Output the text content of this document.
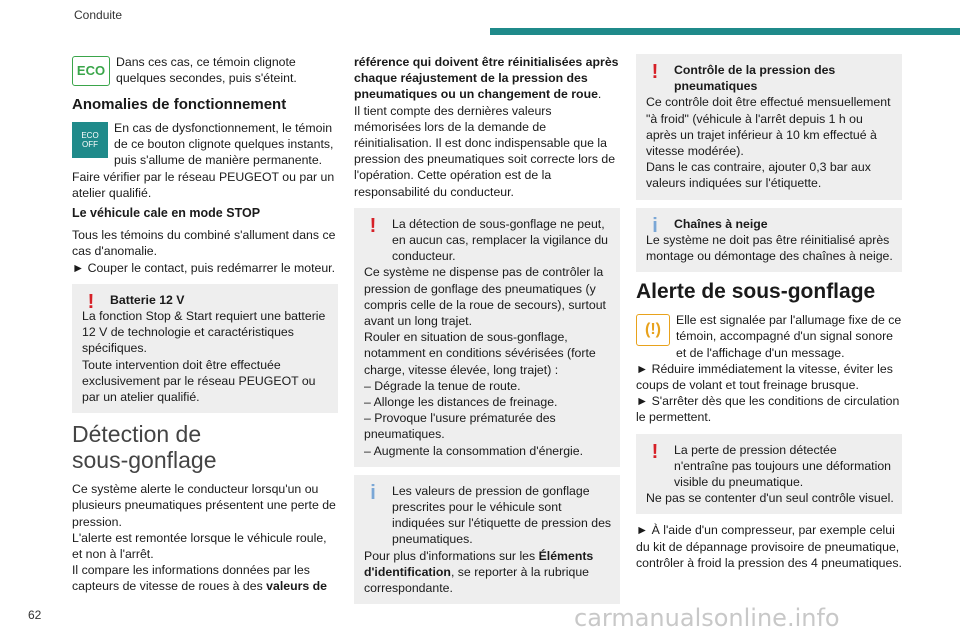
Conduite
ECO

Dans ces cas, ce témoin clignote quelques secondes, puis s'éteint.

Anomalies de fonctionnement
ECO
OFF

En cas de dysfonctionnement, le témoin de ce bouton clignote quelques instants, puis s'allume de manière permanente.

Faire vérifier par le réseau PEUGEOT ou par un atelier qualifié.

Le véhicule cale en mode STOP

Tous les témoins du combiné s'allument dans ce cas d'anomalie.

► Couper le contact, puis redémarrer le moteur.

!	Batterie 12 V

La fonction Stop & Start requiert une batterie 12 V de technologie et caractéristiques spécifiques.

Toute intervention doit être effectuée exclusivement par le réseau PEUGEOT ou par un atelier qualifié.

Détection de
sous-gonflage

Ce système alerte le conducteur lorsqu'un ou plusieurs pneumatiques présentent une perte de pression.

L'alerte est remontée lorsque le véhicule roule, et non à l'arrêt.

Il compare les informations données par les capteurs de vitesse de roues à des valeurs de

référence qui doivent être réinitialisées après chaque réajustement de la pression des pneumatiques ou un changement de roue.

Il tient compte des dernières valeurs mémorisées lors de la demande de réinitialisation. Il est donc indispensable que la pression des pneumatiques soit correcte lors de l'opération. Cette opération est de la responsabilité du conducteur.

!	La détection de sous-gonflage ne peut, en aucun cas, remplacer la vigilance du conducteur.

Ce système ne dispense pas de contrôler la pression de gonflage des pneumatiques (y compris celle de la roue de secours), surtout avant un long trajet.

Rouler en situation de sous-gonflage, notamment en conditions sévérisées (forte charge, vitesse élevée, long trajet) :

– Dégrade la tenue de route.

– Allonge les distances de freinage.

– Provoque l'usure prématurée des pneumatiques.

– Augmente la consommation d'énergie.

i	Les valeurs de pression de gonflage prescrites pour le véhicule sont indiquées sur l'étiquette de pression des pneumatiques.

Pour plus d'informations sur les Éléments d'identification, se reporter à la rubrique correspondante.

!	Contrôle de la pression des pneumatiques

Ce contrôle doit être effectué mensuellement "à froid" (véhicule à l'arrêt depuis 1 h ou après un trajet inférieur à 10 km effectué à vitesse modérée).

Dans le cas contraire, ajouter 0,3 bar aux valeurs indiquées sur l'étiquette.

i	Chaînes à neige

Le système ne doit pas être réinitialisé après montage ou démontage des chaînes à neige.

Alerte de sous-gonflage
(!)

Elle est signalée par l'allumage fixe de ce témoin, accompagné d'un signal sonore et de l'affichage d'un message.

► Réduire immédiatement la vitesse, éviter les coups de volant et tout freinage brusque.

► S'arrêter dès que les conditions de circulation le permettent.

!	La perte de pression détectée n'entraîne pas toujours une déformation visible du pneumatique.

Ne pas se contenter d'un seul contrôle visuel.

► À l'aide d'un compresseur, par exemple celui du kit de dépannage provisoire de pneumatique, contrôler à froid la pression des 4 pneumatiques.

62	carmanualsonline.info
